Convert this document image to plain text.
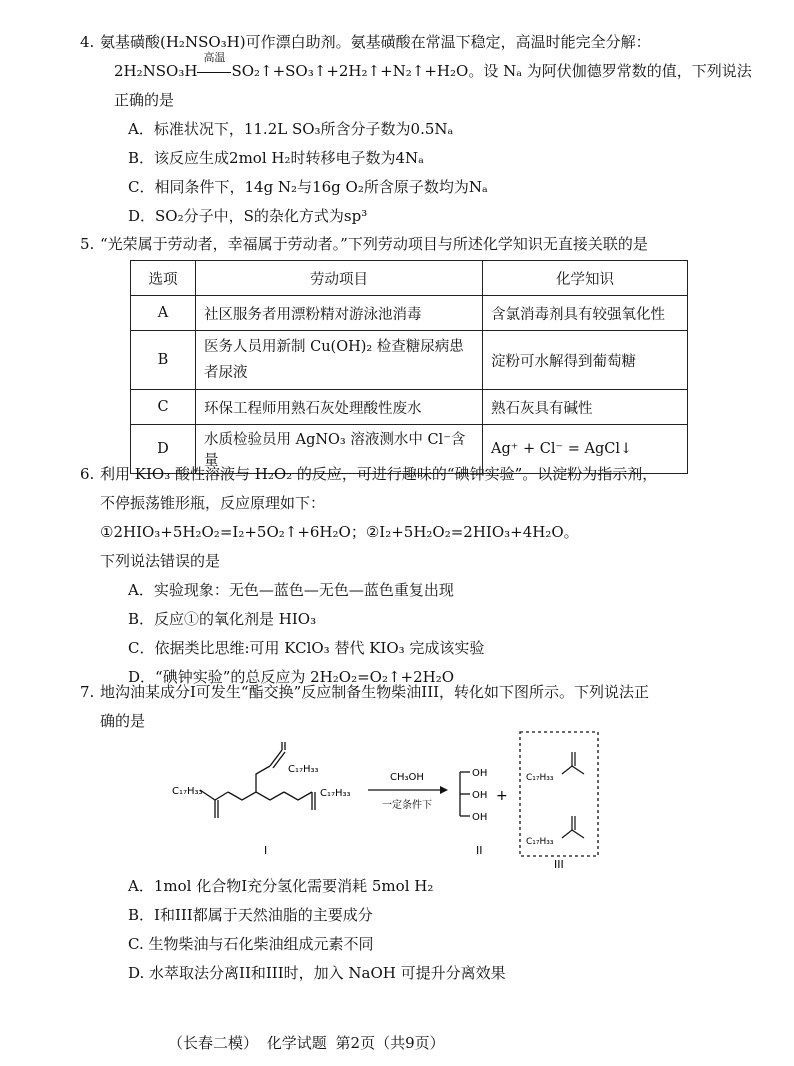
4. 氨基磺酸(H₂NSO₃H)可作漂白助剂。氨基磺酸在常温下稳定，高温时能完全分解：
2H₂NSO₃H
高温
SO₂↑+SO₃↑+2H₂↑+N₂↑+H₂O。设 Nₐ 为阿伏伽德罗常数的值，下列说法
正确的是
A．标准状况下，11.2L SO₃所含分子数为0.5Nₐ
B．该反应生成2mol H₂时转移电子数为4Nₐ
C．相同条件下，14g N₂与16g O₂所含原子数均为Nₐ
D．SO₂分子中，S的杂化方式为sp³
5. “光荣属于劳动者，幸福属于劳动者。”下列劳动项目与所述化学知识无直接关联的是
选项	劳动项目	化学知识
A	社区服务者用漂粉精对游泳池消毒	含氯消毒剂具有较强氧化性
B	医务人员用新制 Cu(OH)₂ 检查糖尿病患者尿液	淀粉可水解得到葡萄糖
C	环保工程师用熟石灰处理酸性废水	熟石灰具有碱性
D	水质检验员用 AgNO₃ 溶液测水中 Cl⁻含量	Ag⁺ + Cl⁻ = AgCl↓
6. 利用 KIO₃ 酸性溶液与 H₂O₂ 的反应，可进行趣味的“碘钟实验”。以淀粉为指示剂，
不停振荡锥形瓶，反应原理如下：
①2HIO₃+5H₂O₂=I₂+5O₂↑+6H₂O；②I₂+5H₂O₂=2HIO₃+4H₂O。
下列说法错误的是
A．实验现象：无色—蓝色—无色—蓝色重复出现
B．反应①的氧化剂是 HIO₃
C．依据类比思维:可用 KClO₃ 替代 KIO₃ 完成该实验
D．“碘钟实验”的总反应为 2H₂O₂=O₂↑+2H₂O
7. 地沟油某成分I可发生“酯交换”反应制备生物柴油III，转化如下图所示。下列说法正
确的是
C₁₇H₃₃
C₁₇H₃₃
C₁₇H₃₃
I
CH₃OH
一定条件下
OH
OH
OH
+
II
C₁₇H₃₃
C₁₇H₃₃
III
A．1mol 化合物I充分氢化需要消耗 5mol H₂
B．I和III都属于天然油脂的主要成分
C. 生物柴油与石化柴油组成元素不同
D. 水萃取法分离II和III时，加入 NaOH 可提升分离效果
（长春二模） 化学试题 第2页（共9页）
